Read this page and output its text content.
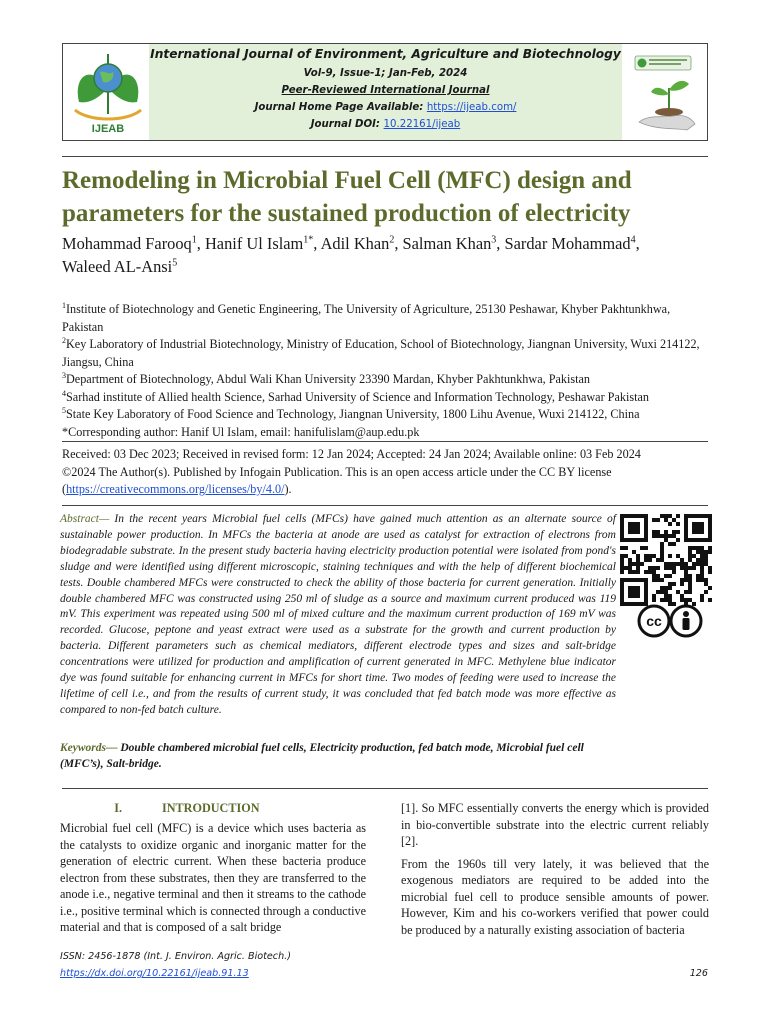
IJEAB
International Journal of Environment, Agriculture and Biotechnology
Vol-9, Issue-1; Jan-Feb, 2024
Peer-Reviewed International Journal
Journal Home Page Available: https://ijeab.com/
Journal DOI: 10.22161/ijeab
Remodeling in Microbial Fuel Cell (MFC) design and parameters for the sustained production of electricity
Mohammad Farooq$^1$, Hanif Ul Islam$^{1*}$, Adil Khan$^2$, Salman Khan$^3$, Sardar Mohammad$^4$,
Waleed AL-Ansi$^5$
$^1$Institute of Biotechnology and Genetic Engineering, The University of Agriculture, 25130 Peshawar, Khyber Pakhtunkhwa, Pakistan
$^2$Key Laboratory of Industrial Biotechnology, Ministry of Education, School of Biotechnology, Jiangnan University, Wuxi 214122, Jiangsu, China
$^3$Department of Biotechnology, Abdul Wali Khan University 23390 Mardan, Khyber Pakhtunkhwa, Pakistan
$^4$Sarhad institute of Allied health Science, Sarhad University of Science and Information Technology, Peshawar Pakistan
$^5$State Key Laboratory of Food Science and Technology, Jiangnan University, 1800 Lihu Avenue, Wuxi 214122, China
*Corresponding author: Hanif Ul Islam, email: hanifulislam@aup.edu.pk
Received: 03 Dec 2023; Received in revised form: 12 Jan 2024; Accepted: 24 Jan 2024; Available online: 03 Feb 2024
©2024 The Author(s). Published by Infogain Publication. This is an open access article under the CC BY license
(https://creativecommons.org/licenses/by/4.0/).
Abstract— In the recent years Microbial fuel cells (MFCs) have gained much attention as an alternate source of sustainable power production. In MFCs the bacteria at anode are used as catalyst for extraction of electrons from biodegradable substrate. In the present study bacteria having electricity production potential were isolated from pond's sludge and were identified using different microscopic, staining techniques and with the help of different biochemical tests. Double chambered MFCs were constructed to check the ability of those bacteria for current generation. Initially double chambered MFC was constructed using 250 ml of sludge as a source and maximum current produced was 119 mV. This experiment was repeated using 500 ml of mixed culture and the maximum current production of 169 mV was recorded. Glucose, peptone and yeast extract were used as a substrate for the growth and current production by bacteria. Different parameters such as chemical mediators, different electrode types and sizes and salt-bridge concentrations were utilized for production and amplification of current generated in MFC. Methylene blue indicator dye was found suitable for enhancing current in MFCs for short time. Two modes of feeding were used to increase the lifetime of cell i.e., and from the results of current study, it was concluded that fed batch mode was more effective as compared to non-fed batch culture.
cc
Keywords— Double chambered microbial fuel cells, Electricity production, fed batch mode, Microbial fuel cell (MFC’s), Salt-bridge.
I.	INTRODUCTION

Microbial fuel cell (MFC) is a device which uses bacteria as the catalysts to oxidize organic and inorganic matter for the generation of electric current. When these bacteria produce electron from these substrates, then they are transferred to the anode i.e., negative terminal and then it streams to the cathode i.e., positive terminal which is connected through a conductive material and that is composed of a salt bridge

[1]. So MFC essentially converts the energy which is provided in bio-convertible substrate into the electric current reliably [2].

From the 1960s till very lately, it was believed that the exogenous mediators are required to be added into the microbial fuel cell to produce sensible amounts of power. However, Kim and his co-workers verified that power could be produced by a naturally existing association of bacteria

ISSN: 2456-1878 (Int. J. Environ. Agric. Biotech.)
https://dx.doi.org/10.22161/ijeab.91.13	126
